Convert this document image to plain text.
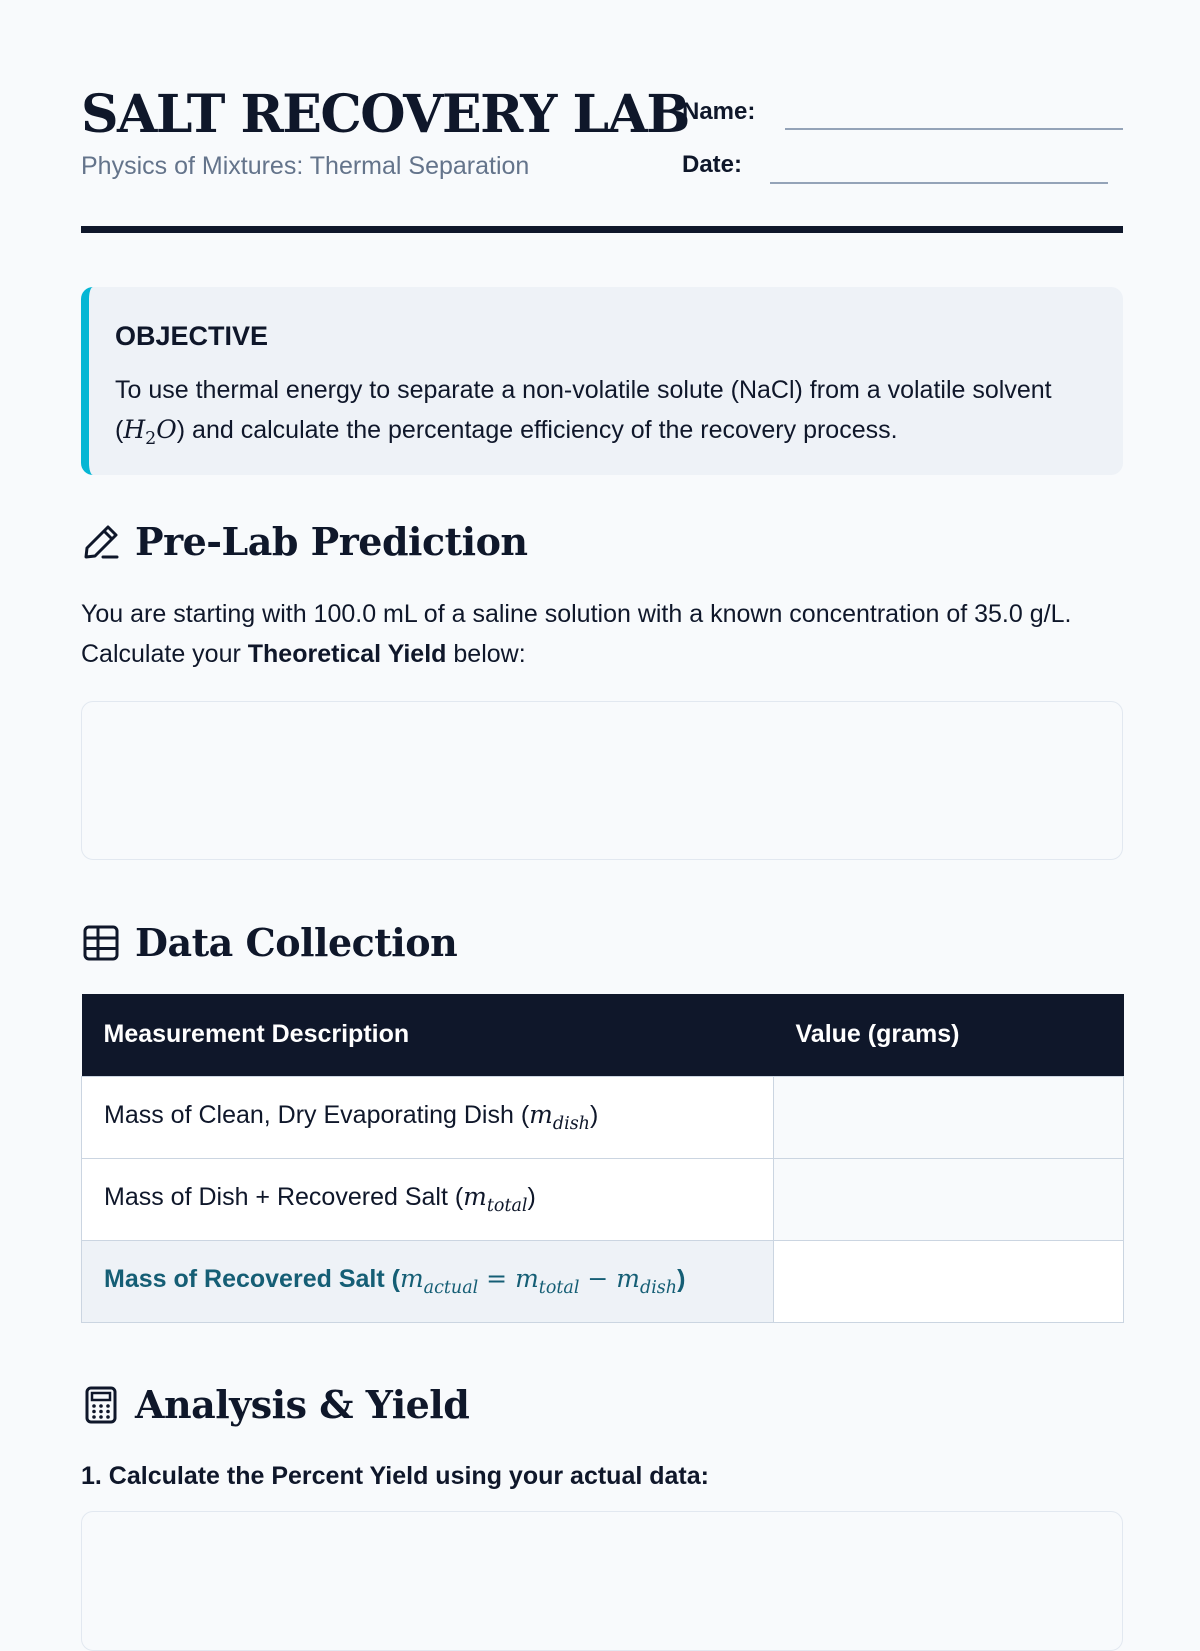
SALT RECOVERY LAB
Physics of Mixtures: Thermal Separation
Name:
Date:
OBJECTIVE
To use thermal energy to separate a non-volatile solute (NaCl) from a volatile solvent $(H_2O)$ and calculate the percentage efficiency of the recovery process.
Pre-Lab Prediction
You are starting with 100.0 mL of a saline solution with a known concentration of 35.0 g/L. Calculate your Theoretical Yield below:
Data Collection
Measurement Description	Value (grams)
Mass of Clean, Dry Evaporating Dish $(m_{dish})$	
Mass of Dish + Recovered Salt $(m_{total})$	
Mass of Recovered Salt $(m_{actual} = m_{total} - m_{dish})$	
Analysis & Yield
1. Calculate the Percent Yield using your actual data:
